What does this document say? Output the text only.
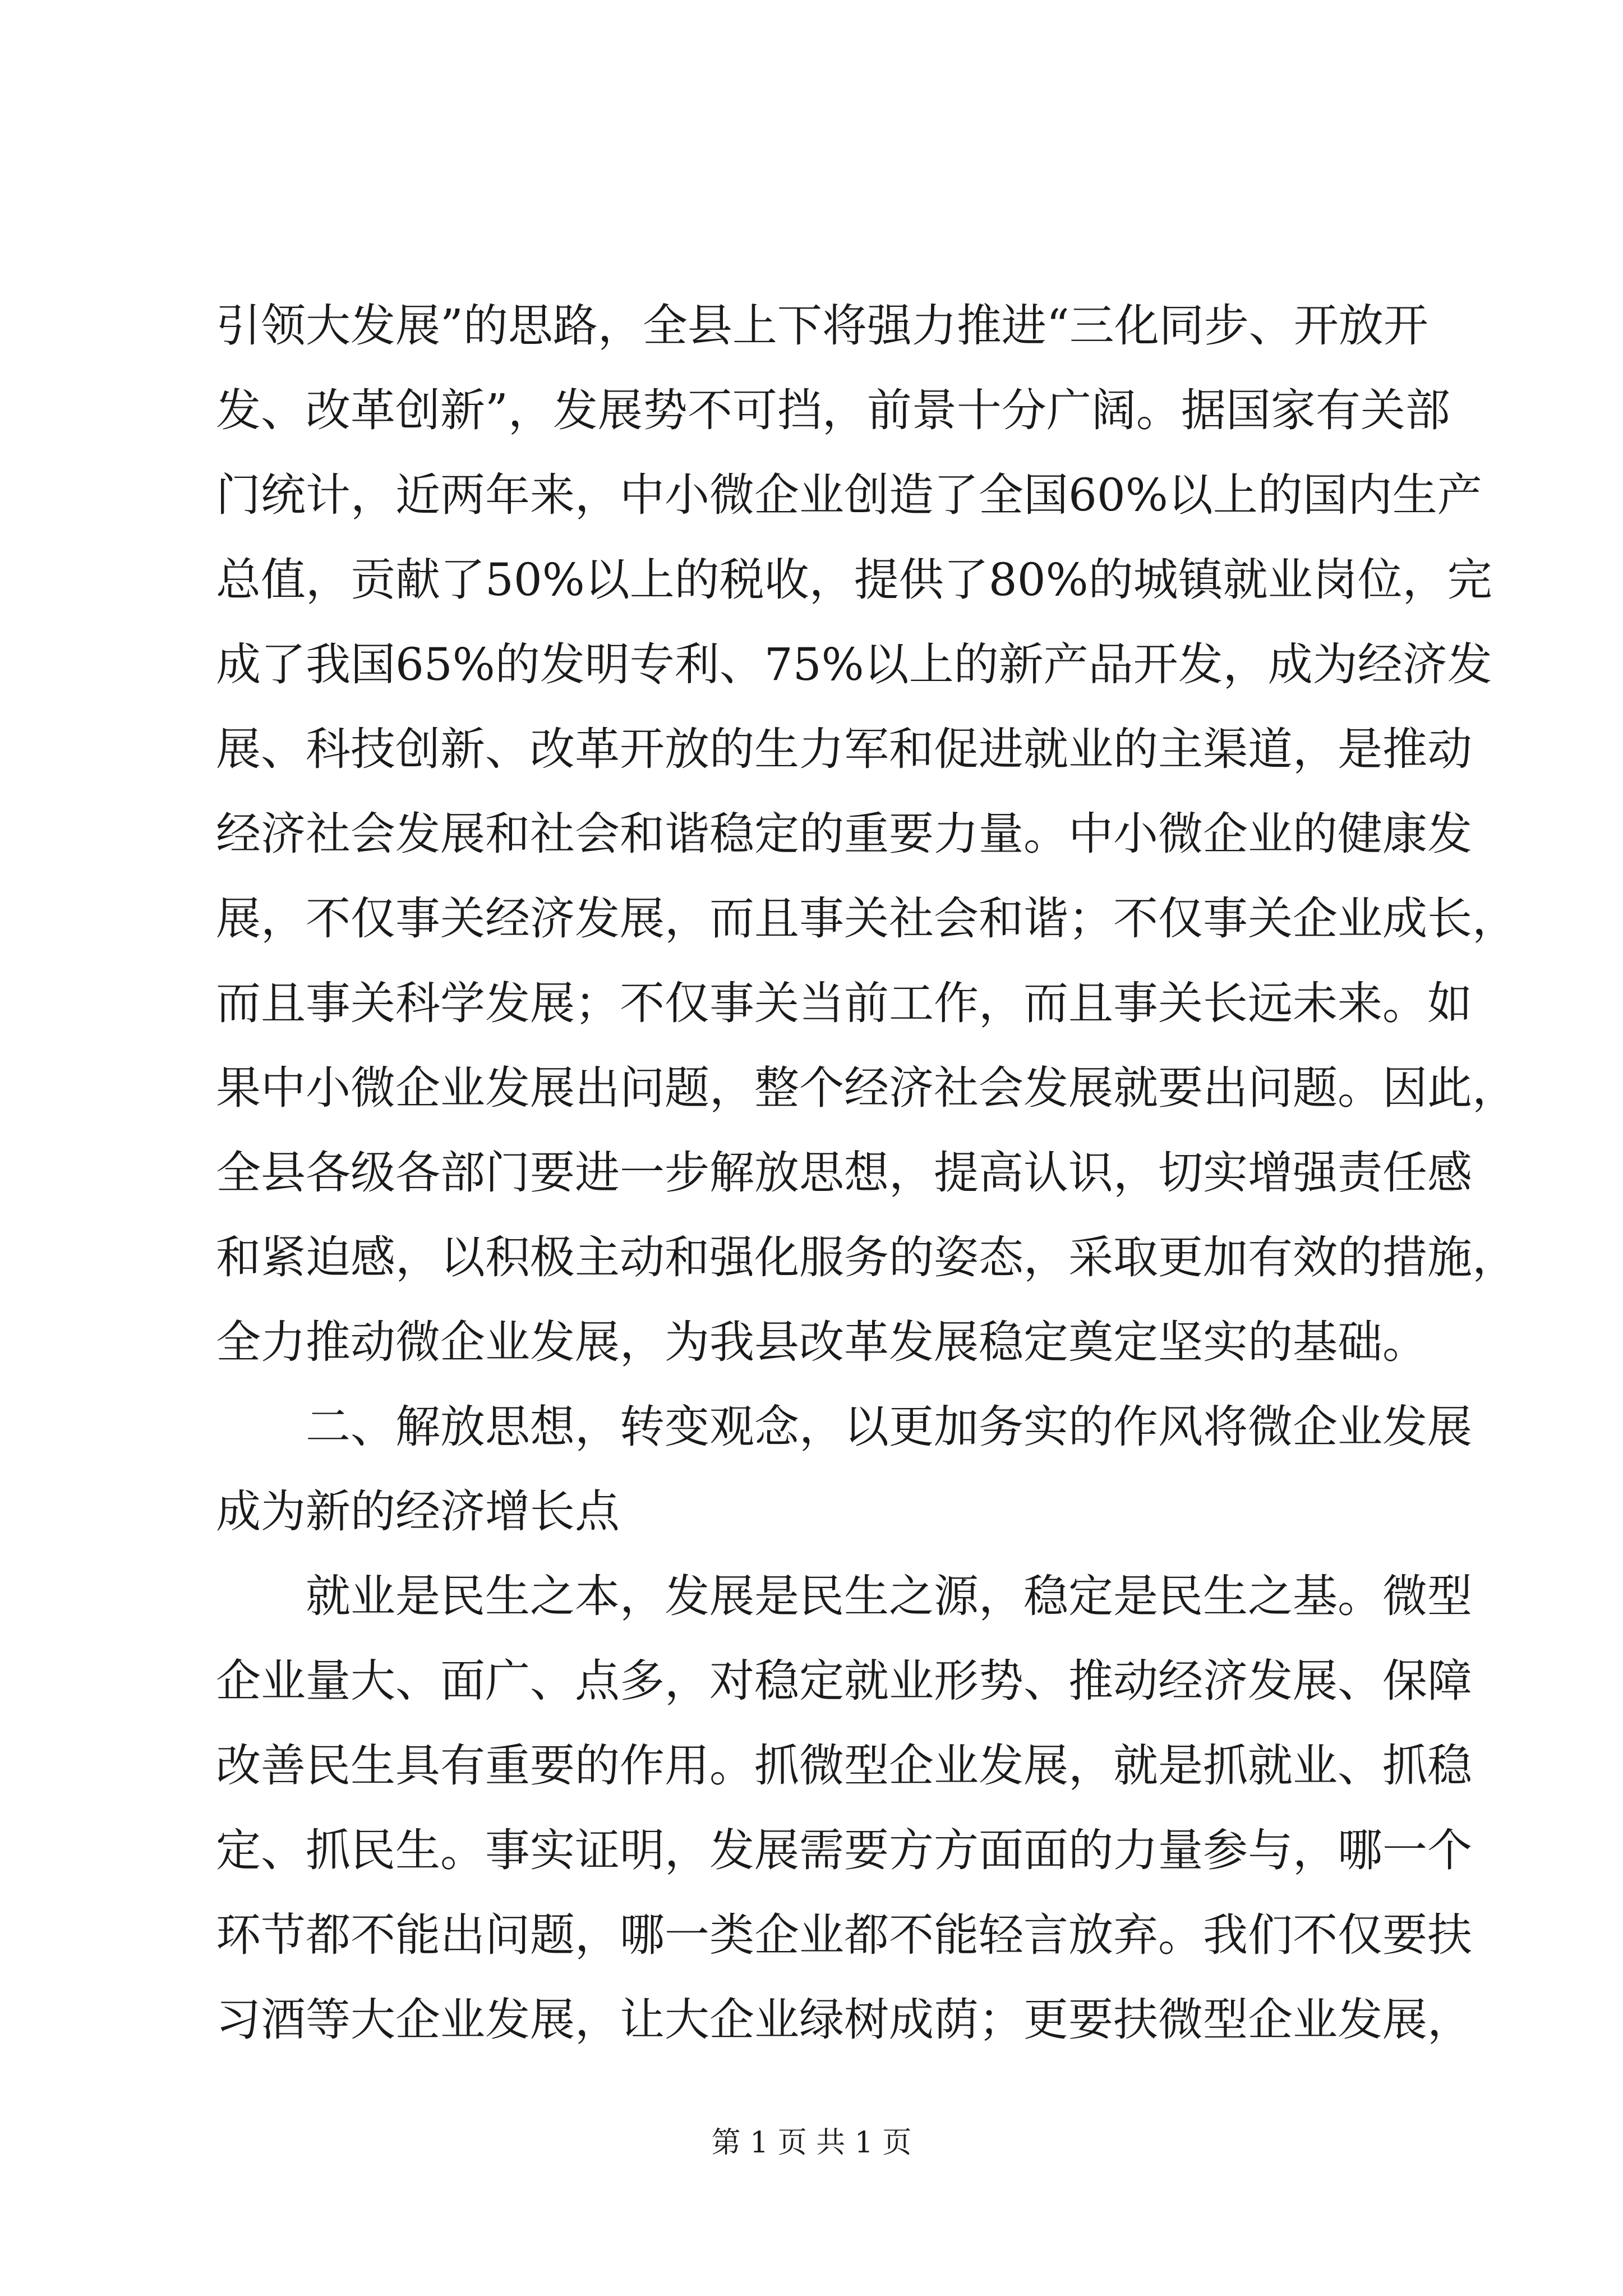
引领大发展”的思路，全县上下将强力推进“三化同步、开放开
发、改革创新”，发展势不可挡，前景十分广阔。据国家有关部
门统计，近两年来，中小微企业创造了全国60%以上的国内生产
总值，贡献了50%以上的税收，提供了80%的城镇就业岗位，完
成了我国65%的发明专利、75%以上的新产品开发，成为经济发
展、科技创新、改革开放的生力军和促进就业的主渠道，是推动
经济社会发展和社会和谐稳定的重要力量。中小微企业的健康发
展，不仅事关经济发展，而且事关社会和谐；不仅事关企业成长，
而且事关科学发展；不仅事关当前工作，而且事关长远未来。如
果中小微企业发展出问题，整个经济社会发展就要出问题。因此，
全县各级各部门要进一步解放思想，提高认识，切实增强责任感
和紧迫感，以积极主动和强化服务的姿态，采取更加有效的措施，
全力推动微企业发展，为我县改革发展稳定奠定坚实的基础。
二、解放思想，转变观念，以更加务实的作风将微企业发展
成为新的经济增长点
就业是民生之本，发展是民生之源，稳定是民生之基。微型
企业量大、面广、点多，对稳定就业形势、推动经济发展、保障
改善民生具有重要的作用。抓微型企业发展，就是抓就业、抓稳
定、抓民生。事实证明，发展需要方方面面的力量参与，哪一个
环节都不能出问题，哪一类企业都不能轻言放弃。我们不仅要扶
习酒等大企业发展，让大企业绿树成荫；更要扶微型企业发展，
第 1 页 共 1 页
